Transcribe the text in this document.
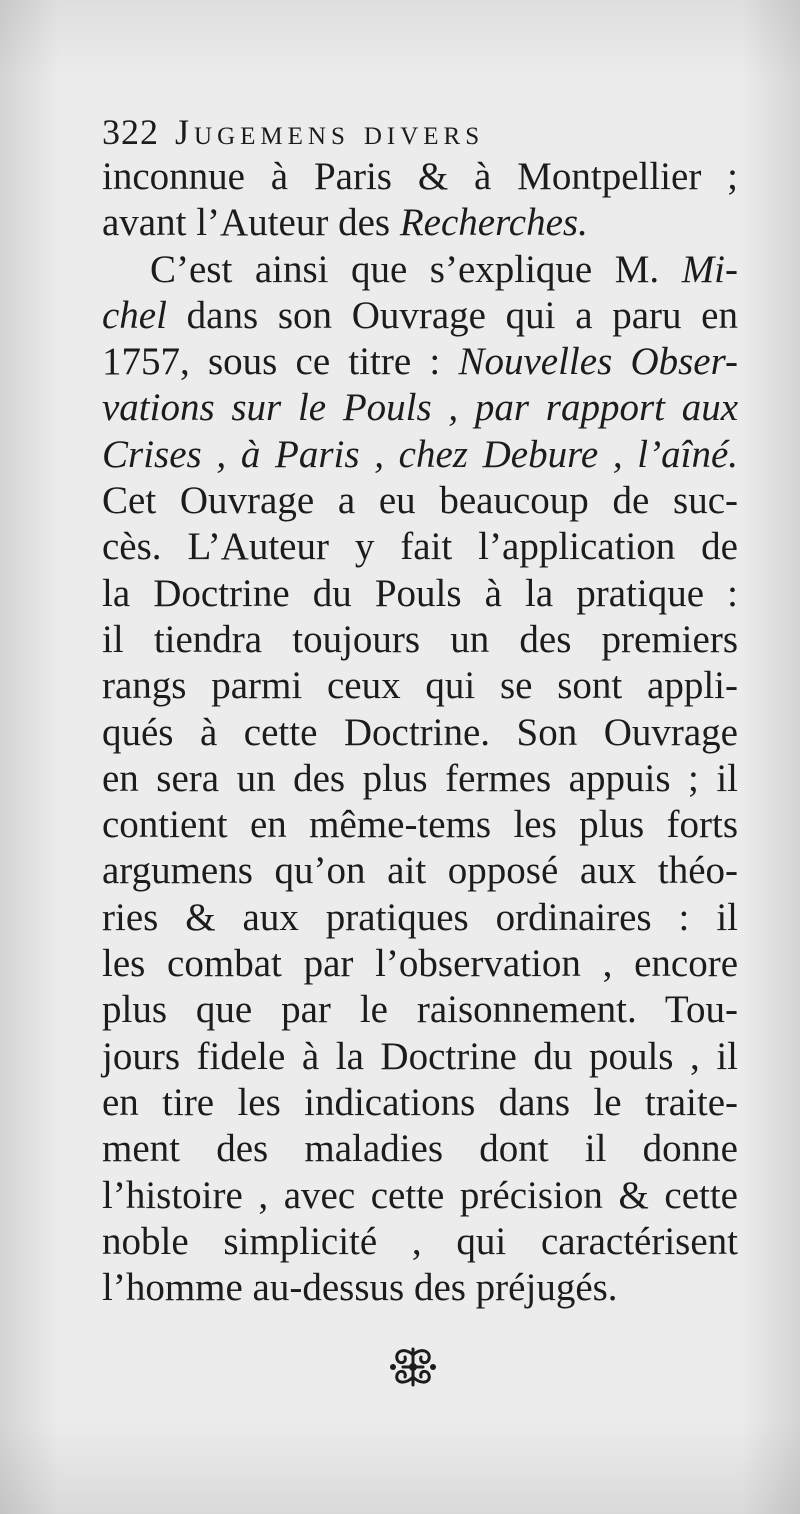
322 Jugemens divers
inconnue à Paris & à Montpellier ;
avant l’Auteur des Recherches.
C’est ainsi que s’explique M. Mi-
chel dans son Ouvrage qui a paru en
1757, sous ce titre : Nouvelles Obser-
vations sur le Pouls , par rapport aux
Crises , à Paris , chez Debure , l’aîné.
Cet Ouvrage a eu beaucoup de suc-
cès. L’Auteur y fait l’application de
la Doctrine du Pouls à la pratique :
il tiendra toujours un des premiers
rangs parmi ceux qui se sont appli-
qués à cette Doctrine. Son Ouvrage
en sera un des plus fermes appuis ; il
contient en même-tems les plus forts
argumens qu’on ait opposé aux théo-
ries & aux pratiques ordinaires : il
les combat par l’observation , encore
plus que par le raisonnement. Tou-
jours fidele à la Doctrine du pouls , il
en tire les indications dans le traite-
ment des maladies dont il donne
l’histoire , avec cette précision & cette
noble simplicité , qui caractérisent
l’homme au-dessus des préjugés.
